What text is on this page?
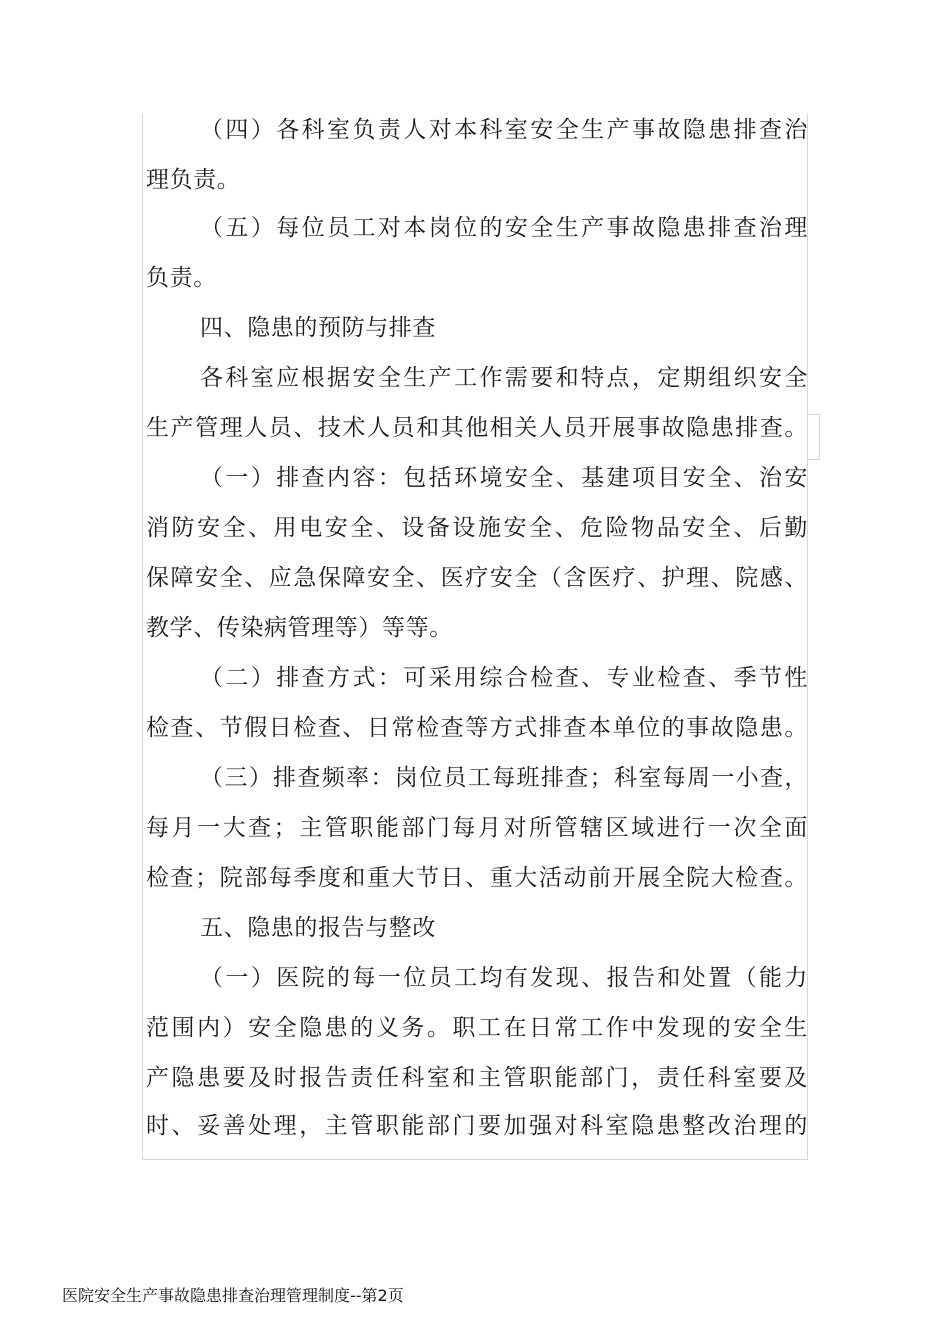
（四）各科室负责人对本科室安全生产事故隐患排查治
理负责。
（五）每位员工对本岗位的安全生产事故隐患排查治理
负责。
四、隐患的预防与排查
各科室应根据安全生产工作需要和特点，定期组织安全
生产管理人员、技术人员和其他相关人员开展事故隐患排查。
（一）排查内容：包括环境安全、基建项目安全、治安
消防安全、用电安全、设备设施安全、危险物品安全、后勤
保障安全、应急保障安全、医疗安全（含医疗、护理、院感、
教学、传染病管理等）等等。
（二）排查方式：可采用综合检查、专业检查、季节性
检查、节假日检查、日常检查等方式排查本单位的事故隐患。
（三）排查频率：岗位员工每班排查；科室每周一小查，
每月一大查；主管职能部门每月对所管辖区域进行一次全面
检查；院部每季度和重大节日、重大活动前开展全院大检查。
五、隐患的报告与整改
（一）医院的每一位员工均有发现、报告和处置（能力
范围内）安全隐患的义务。职工在日常工作中发现的安全生
产隐患要及时报告责任科室和主管职能部门，责任科室要及
时、妥善处理，主管职能部门要加强对科室隐患整改治理的
医院安全生产事故隐患排查治理管理制度--第2页
